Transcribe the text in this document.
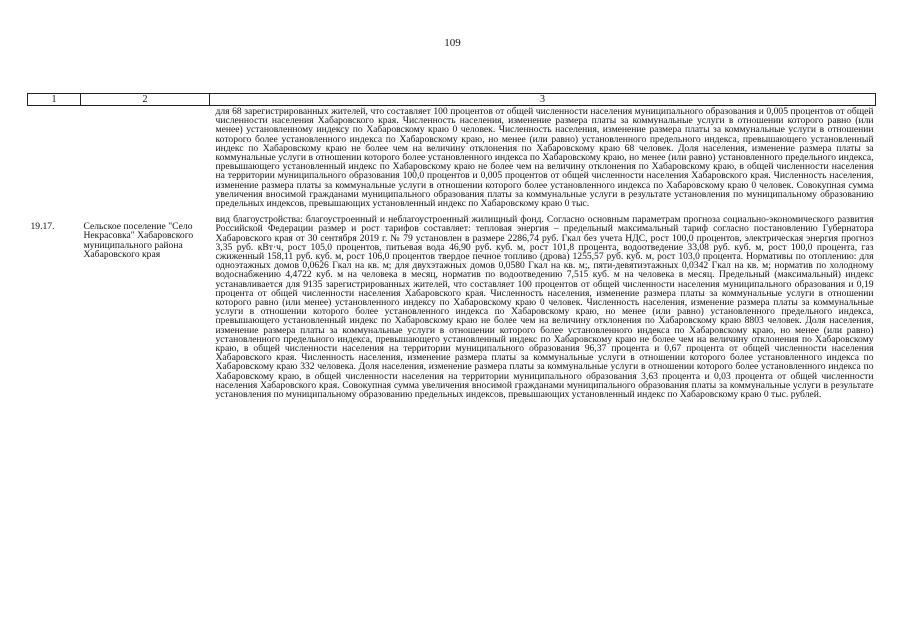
109
1	2	3

		для 68 зарегистрированных жителей, что составляет 100 процентов от общей численности населения муниципального образования и 0,005 процентов от общей численности населения Хабаровского края. Численность населения, изменение размера платы за коммунальные услуги в отношении которого равно (или менее) установленному индексу по Хабаровскому краю 0 человек. Численность населения, изменение размера платы за коммунальные услуги в отношении которого более установленного индекса по Хабаровскому краю, но менее (или равно) установленного предельного индекса, превышающего установленный индекс по Хабаровскому краю не более чем на величину отклонения по Хабаровскому краю 68 человек. Доля населения, изменение размера платы за коммунальные услуги в отношении которого более установленного индекса по Хабаровскому краю, но менее (или равно) установленного предельного индекса, превышающего установленный индекс по Хабаровскому краю не более чем на величину отклонения по Хабаровскому краю, в общей численности населения на территории муниципального образования 100,0 процентов и 0,005 процентов от общей численности населения Хабаровского края. Численность населения, изменение размера платы за коммунальные услуги в отношении которого более установленного индекса по Хабаровскому краю 0 человек. Совокупная сумма увеличения вносимой гражданами муниципального образования платы за коммунальные услуги в результате установления по муниципальному образованию предельных индексов, превышающих установленный индекс по Хабаровскому краю 0 тыс.

19.17.	Сельское поселение "Село Некрасовка" Хабаровского муниципального района Хабаровского края	вид благоустройства: благоустроенный и неблагоустроенный жилищный фонд. Согласно основным параметрам прогноза социально-экономического развития Российской Федерации размер и рост тарифов составляет: тепловая энергия – предельный максимальный тариф согласно постановлению Губернатора Хабаровского края от 30 сентября 2019 г. № 79 установлен в размере 2286,74 руб. Гкал без учета НДС, рост 100,0 процентов, электрическая энергия прогноз 3,35 руб. кВт·ч, рост 105,0 процентов, питьевая вода 46,90 руб. куб. м, рост 101,8 процента, водоотведение 33,08 руб. куб. м, рост 100,0 процента, газ сжиженный 158,11 руб. куб. м, рост 106,0 процентов твердое печное топливо (дрова) 1255,57 руб. куб. м, рост 103,0 процента. Нормативы по отоплению: для одноэтажных домов 0,0626 Гкал на кв. м; для двухэтажных домов 0,0580 Гкал на кв. м;, пяти-девятиэтажных 0,0342 Гкал на кв. м; норматив по холодному водоснабжению 4,4722 куб. м на человека в месяц, норматив по водоотведению 7,515 куб. м на человека в месяц. Предельный (максимальный) индекс устанавливается для 9135 зарегистрированных жителей, что составляет 100 процентов от общей численности населения муниципального образования и 0,19 процента от общей численности населения Хабаровского края. Численность населения, изменение размера платы за коммунальные услуги в отношении которого равно (или менее) установленного индексу по Хабаровскому краю 0 человек. Численность населения, изменение размера платы за коммунальные услуги в отношении которого более установленного индекса по Хабаровскому краю, но менее (или равно) установленного предельного индекса, превышающего установленный индекс по Хабаровскому краю не более чем на величину отклонения по Хабаровскому краю 8803 человек. Доля населения, изменение размера платы за коммунальные услуги в отношении которого более установленного индекса по Хабаровскому краю, но менее (или равно) установленного предельного индекса, превышающего установленный индекс по Хабаровскому краю не более чем на величину отклонения по Хабаровскому краю, в общей численности населения на территории муниципального образования 96,37 процента и 0,67 процента от общей численности населения Хабаровского края. Численность населения, изменение размера платы за коммунальные услуги в отношении которого более установленного индекса по Хабаровскому краю 332 человека. Доля населения, изменение размера платы за коммунальные услуги в отношении которого более установленного индекса по Хабаровскому краю, в общей численности населения на территории муниципального образования 3,63 процента и 0,03 процента от общей численности населения Хабаровского края. Совокупная сумма увеличения вносимой гражданами муниципального образования платы за коммунальные услуги в результате установления по муниципальному образованию предельных индексов, превышающих установленный индекс по Хабаровскому краю 0 тыс. рублей.
